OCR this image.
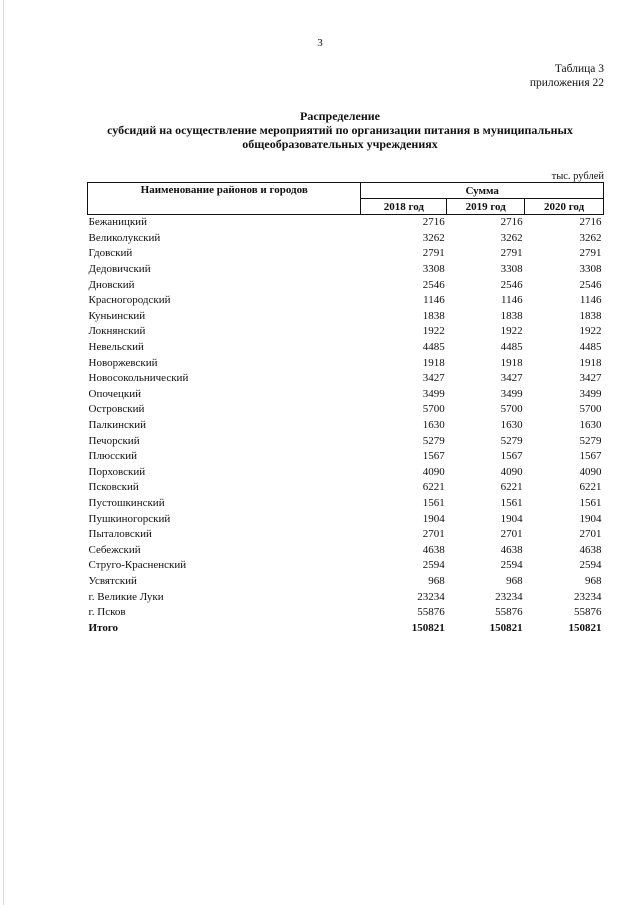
3
Таблица 3
приложения 22
Распределение
субсидий на осуществление мероприятий по организации питания в муниципальных
общеобразовательных учреждениях
тыс. рублей
Наименование районов и городов	Сумма		
	2018 год	2019 год	2020 год
Бежаницкий	2716	2716	2716
Великолукский	3262	3262	3262
Гдовский	2791	2791	2791
Дедовичский	3308	3308	3308
Дновский	2546	2546	2546
Красногородский	1146	1146	1146
Куньинский	1838	1838	1838
Локнянский	1922	1922	1922
Невельский	4485	4485	4485
Новоржевский	1918	1918	1918
Новосокольнический	3427	3427	3427
Опочецкий	3499	3499	3499
Островский	5700	5700	5700
Палкинский	1630	1630	1630
Печорский	5279	5279	5279
Плюсский	1567	1567	1567
Порховский	4090	4090	4090
Псковский	6221	6221	6221
Пустошкинский	1561	1561	1561
Пушкиногорский	1904	1904	1904
Пыталовский	2701	2701	2701
Себежский	4638	4638	4638
Струго-Красненский	2594	2594	2594
Усвятский	968	968	968
г. Великие Луки	23234	23234	23234
г. Псков	55876	55876	55876
Итого	150821	150821	150821
